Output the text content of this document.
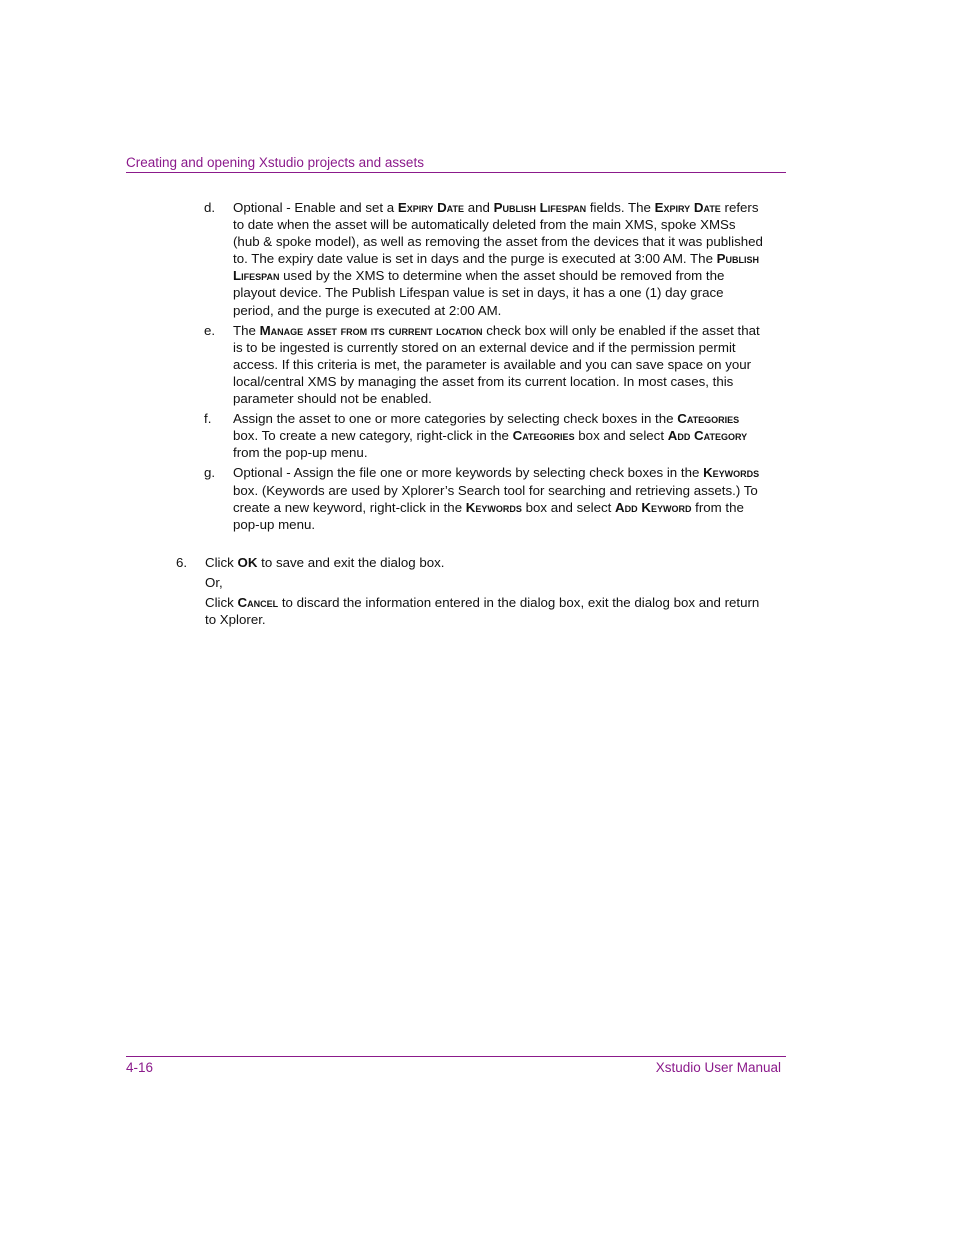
Creating and opening Xstudio projects and assets
d. Optional - Enable and set a Expiry Date and Publish Lifespan fields. The Expiry Date refers to date when the asset will be automatically deleted from the main XMS, spoke XMSs (hub & spoke model), as well as removing the asset from the devices that it was published to. The expiry date value is set in days and the purge is executed at 3:00 AM. The Publish Lifespan used by the XMS to determine when the asset should be removed from the playout device. The Publish Lifespan value is set in days, it has a one (1) day grace period, and the purge is executed at 2:00 AM.
e. The Manage asset from its current location check box will only be enabled if the asset that is to be ingested is currently stored on an external device and if the permission permit access. If this criteria is met, the parameter is available and you can save space on your local/central XMS by managing the asset from its current location. In most cases, this parameter should not be enabled.
f. Assign the asset to one or more categories by selecting check boxes in the Categories box. To create a new category, right-click in the Categories box and select Add Category from the pop-up menu.
g. Optional - Assign the file one or more keywords by selecting check boxes in the Keywords box. (Keywords are used by Xplorer’s Search tool for searching and retrieving assets.) To create a new keyword, right-click in the Keywords box and select Add Keyword from the pop-up menu.
6. Click OK to save and exit the dialog box.

Or,

Click Cancel to discard the information entered in the dialog box, exit the dialog box and return to Xplorer.

4-16	Xstudio User Manual
